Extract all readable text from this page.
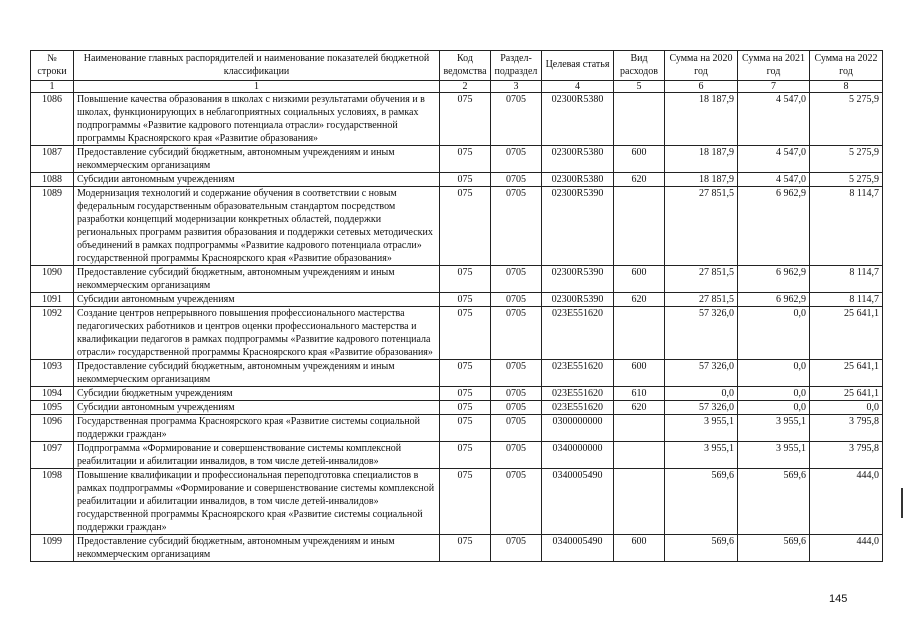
№ строки	Наименование главных распорядителей и наименование показателей бюджетной классификации	Код ведомства	Раздел-подраздел	Целевая статья	Вид расходов	Сумма на 2020 год	Сумма на 2021 год	Сумма на 2022 год
1	1	2	3	4	5	6	7	8
1086	Повышение качества образования в школах с низкими результатами обучения и в школах, функционирующих в неблагоприятных социальных условиях, в рамках подпрограммы «Развитие кадрового потенциала отрасли» государственной программы Красноярского края «Развитие образования»	075	0705	02300R5380		18 187,9	4 547,0	5 275,9
1087	Предоставление субсидий бюджетным, автономным учреждениям и иным некоммерческим организациям	075	0705	02300R5380	600	18 187,9	4 547,0	5 275,9
1088	Субсидии автономным учреждениям	075	0705	02300R5380	620	18 187,9	4 547,0	5 275,9
1089	Модернизация технологий и содержание обучения в соответствии с новым федеральным государственным образовательным стандартом посредством разработки концепций модернизации конкретных областей, поддержки региональных программ развития образования и поддержки сетевых методических объединений в рамках подпрограммы «Развитие кадрового потенциала отрасли» государственной программы Красноярского края «Развитие образования»	075	0705	02300R5390		27 851,5	6 962,9	8 114,7
1090	Предоставление субсидий бюджетным, автономным учреждениям и иным некоммерческим организациям	075	0705	02300R5390	600	27 851,5	6 962,9	8 114,7
1091	Субсидии автономным учреждениям	075	0705	02300R5390	620	27 851,5	6 962,9	8 114,7
1092	Создание центров непрерывного повышения профессионального мастерства педагогических работников и центров оценки профессионального мастерства и квалификации педагогов в рамках подпрограммы «Развитие кадрового потенциала отрасли» государственной программы Красноярского края «Развитие образования»	075	0705	023E551620		57 326,0	0,0	25 641,1
1093	Предоставление субсидий бюджетным, автономным учреждениям и иным некоммерческим организациям	075	0705	023E551620	600	57 326,0	0,0	25 641,1
1094	Субсидии бюджетным учреждениям	075	0705	023E551620	610	0,0	0,0	25 641,1
1095	Субсидии автономным учреждениям	075	0705	023E551620	620	57 326,0	0,0	0,0
1096	Государственная программа Красноярского края «Развитие системы социальной поддержки граждан»	075	0705	0300000000		3 955,1	3 955,1	3 795,8
1097	Подпрограмма «Формирование и совершенствование системы комплексной реабилитации и абилитации инвалидов, в том числе детей-инвалидов»	075	0705	0340000000		3 955,1	3 955,1	3 795,8
1098	Повышение квалификации и профессиональная переподготовка специалистов в рамках подпрограммы «Формирование и совершенствование системы комплексной реабилитации и абилитации инвалидов, в том числе детей-инвалидов» государственной программы Красноярского края «Развитие системы социальной поддержки граждан»	075	0705	0340005490		569,6	569,6	444,0
1099	Предоставление субсидий бюджетным, автономным учреждениям и иным некоммерческим организациям	075	0705	0340005490	600	569,6	569,6	444,0
145
